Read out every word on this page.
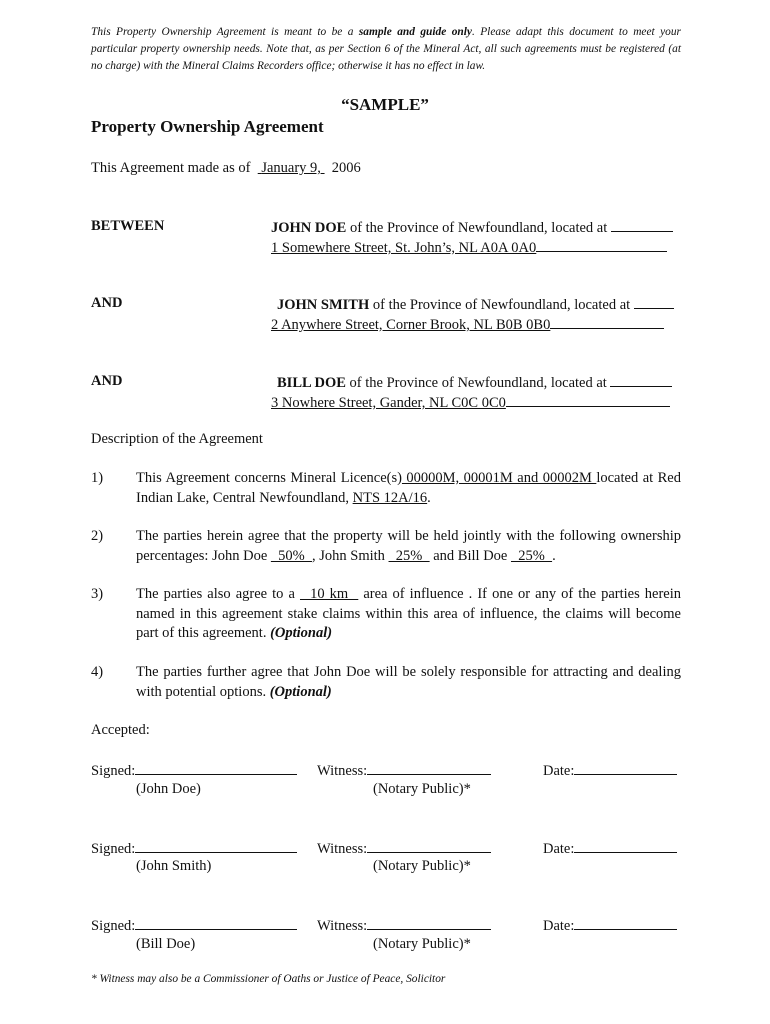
This Property Ownership Agreement is meant to be a sample and guide only. Please adapt this document to meet your particular property ownership needs. Note that, as per Section 6 of the Mineral Act, all such agreements must be registered (at no charge) with the Mineral Claims Recorders office; otherwise it has no effect in law.
“SAMPLE”
Property Ownership Agreement
This Agreement made as of January 9, 2006
BETWEEN	JOHN DOE of the Province of Newfoundland, located at
1 Somewhere Street, St. John’s, NL A0A 0A0
AND	JOHN SMITH of the Province of Newfoundland, located at
2 Anywhere Street, Corner Brook, NL B0B 0B0
AND	BILL DOE of the Province of Newfoundland, located at
3 Nowhere Street, Gander, NL C0C 0C0
Description of the Agreement
1) This Agreement concerns Mineral Licence(s) 00000M, 00001M and 00002M located at Red Indian Lake, Central Newfoundland, NTS 12A/16.
2) The parties herein agree that the property will be held jointly with the following ownership percentages: John Doe   50%  , John Smith   25%   and Bill Doe   25%  .
3) The parties also agree to a   10 km   area of influence . If one or any of the parties herein named in this agreement stake claims within this area of influence, the claims will become part of this agreement. (Optional)
4) The parties further agree that John Doe will be solely responsible for attracting and dealing with potential options. (Optional)
Accepted:
Signed:	Witness:	Date:
(John Doe)	(Notary Public)*
Signed:	Witness:	Date:
(John Smith)	(Notary Public)*
Signed:	Witness:	Date:
(Bill Doe)	(Notary Public)*
* Witness may also be a Commissioner of Oaths or Justice of Peace, Solicitor
